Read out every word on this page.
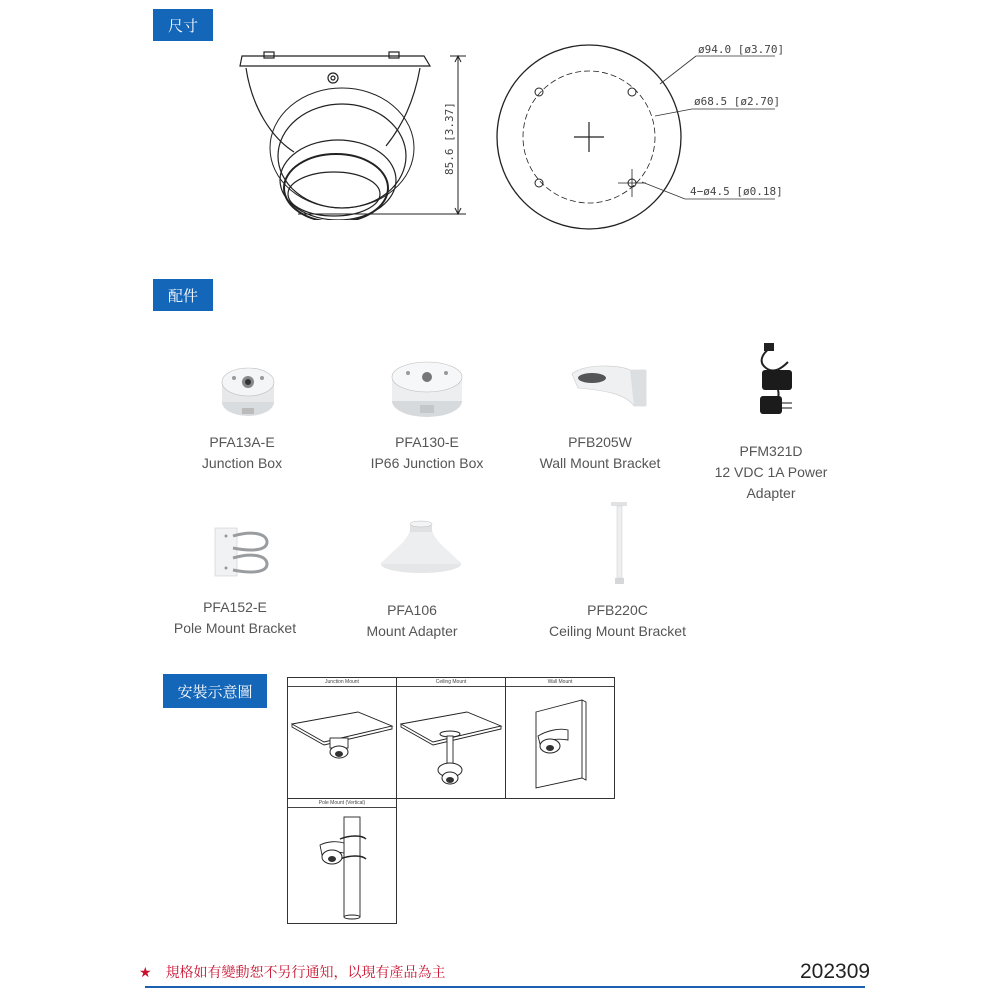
尺寸
配件
安裝示意圖
85.6 [3.37]
ø94.0 [ø3.70]
ø68.5 [ø2.70]
4−ø4.5 [ø0.18]
PFA13A-E
Junction Box
PFA130-E
IP66 Junction Box
PFB205W
Wall Mount Bracket
PFM321D
12 VDC 1A Power
Adapter
PFA152-E
Pole Mount Bracket
PFA106
Mount Adapter
PFB220C
Ceiling Mount Bracket
Junction Mount	Ceiling Mount	Wall Mount
Pole Mount (Vertical)
★ 規格如有變動恕不另行通知，以現有產品為主	202309
